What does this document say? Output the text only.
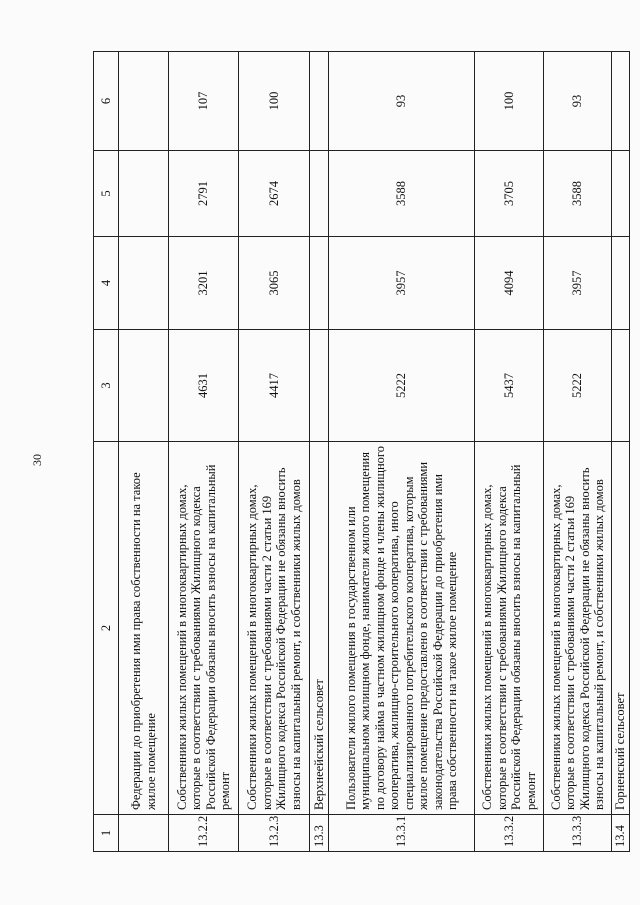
30
1	2	3	4	5	6
	Федерации до приобретения ими права собственности на такое жилое помещение				
13.2.2	Собственники жилых помещений в многоквартирных домах, которые в соответствии с требованиями Жилищного кодекса Российской Федерации обязаны вносить взносы на капитальный ремонт	4631	3201	2791	107
13.2.3	Собственники жилых помещений в многоквартирных домах, которые в соответствии с требованиями части 2 статьи 169 Жилищного кодекса Российской Федерации не обязаны вносить взносы на капитальный ремонт, и собственники жилых домов	4417	3065	2674	100
13.3	Верхнеейский сельсовет				
13.3.1	Пользователи жилого помещения в государственном или муниципальном жилищном фонде, наниматели жилого помещения по договору найма в частном жилищном фонде и члены жилищного кооператива, жилищно-строительного кооператива, иного специализированного потребительского кооператива, которым жилое помещение предоставлено в соответствии с требованиями законодательства Российской Федерации до приобретения ими права собственности на такое жилое помещение	5222	3957	3588	93
13.3.2	Собственники жилых помещений в многоквартирных домах, которые в соответствии с требованиями Жилищного кодекса Российской Федерации обязаны вносить взносы на капитальный ремонт	5437	4094	3705	100
13.3.3	Собственники жилых помещений в многоквартирных домах, которые в соответствии с требованиями части 2 статьи 169 Жилищного кодекса Российской Федерации не обязаны вносить взносы на капитальный ремонт, и собственники жилых домов	5222	3957	3588	93
13.4	Горненский сельсовет				
